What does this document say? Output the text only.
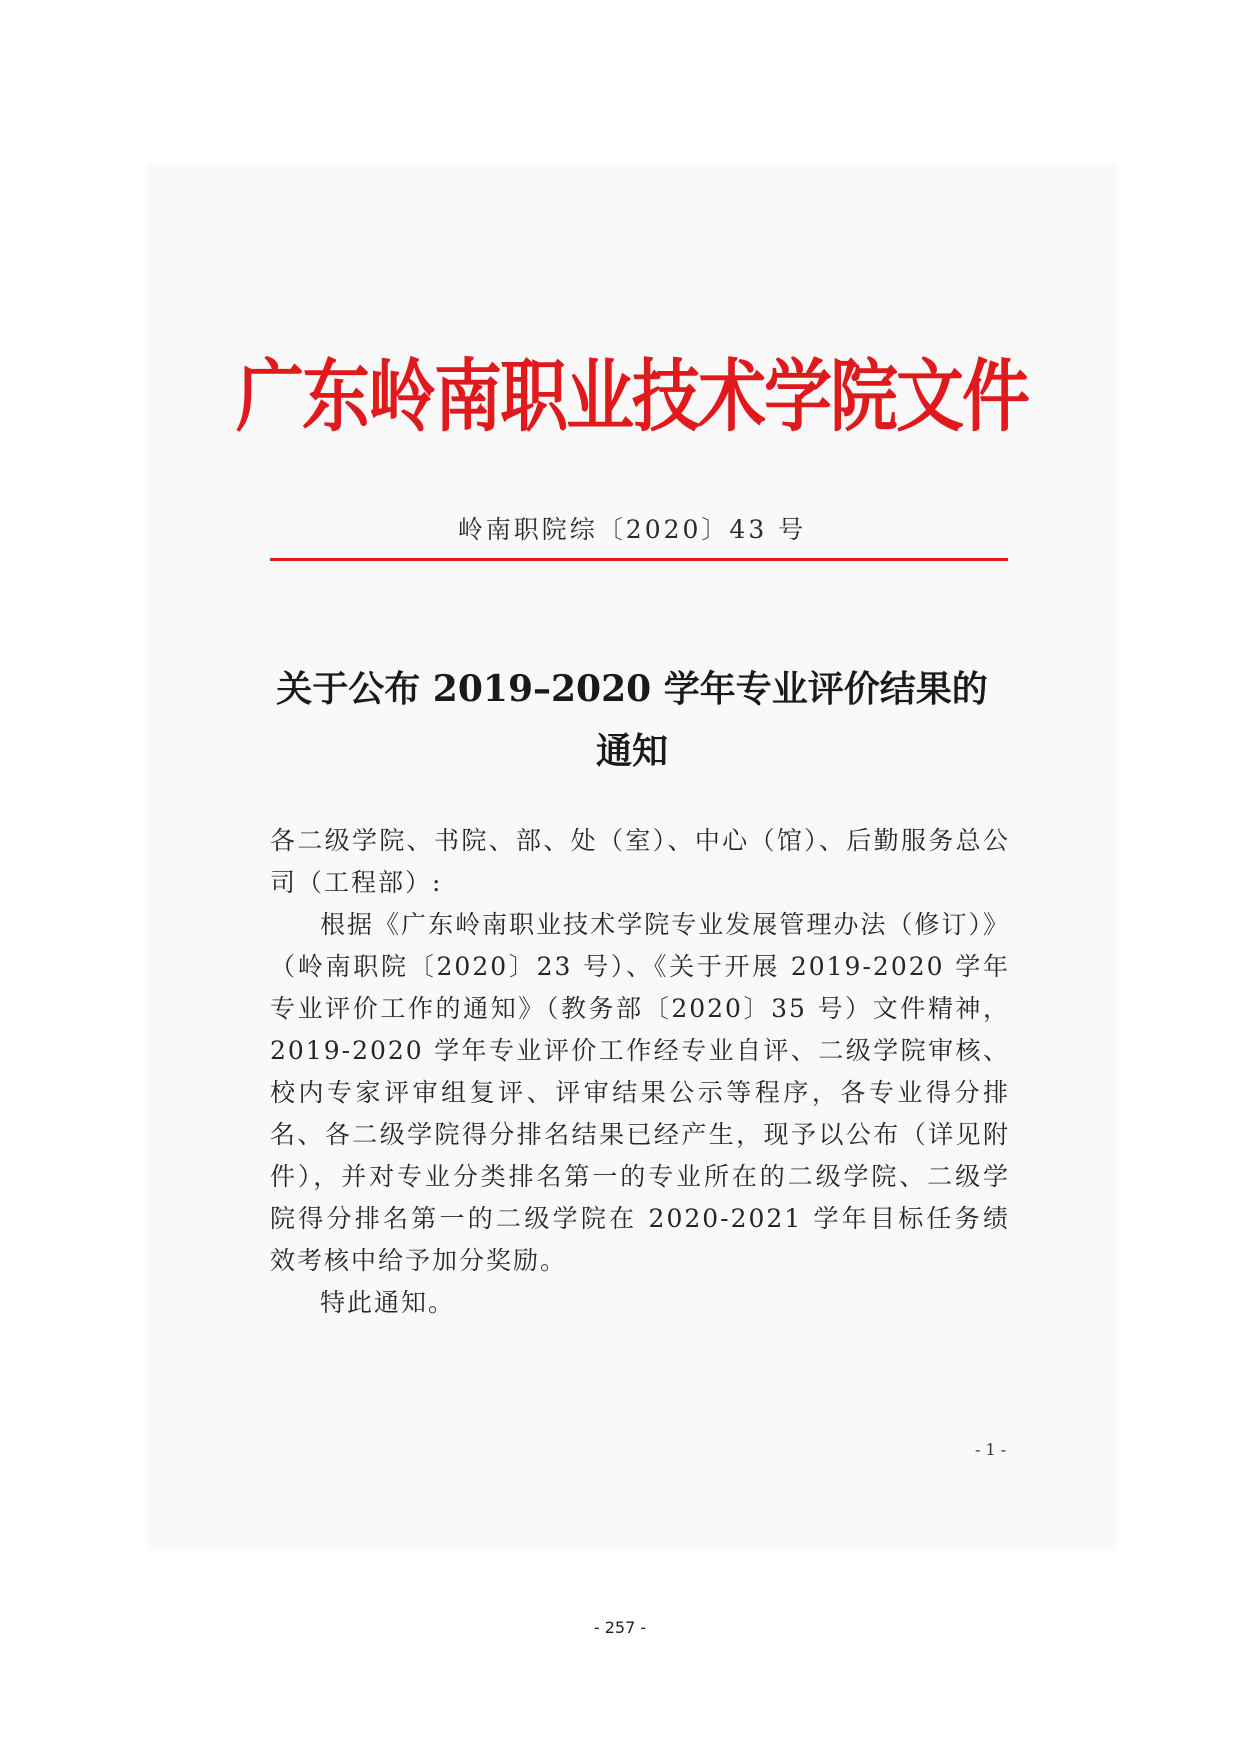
广东岭南职业技术学院文件
岭南职院综〔2020〕43 号
关于公布 2019–2020 学年专业评价结果的
通知

各二级学院、书院、部、处（室）、中心（馆）、后勤服务总公司（工程部）:

根据《广东岭南职业技术学院专业发展管理办法（修订）》（岭南职院〔2020〕23 号）、《关于开展 2019-2020 学年专业评价工作的通知》（教务部〔2020〕35 号）文件精神，2019-2020 学年专业评价工作经专业自评、二级学院审核、校内专家评审组复评、评审结果公示等程序，各专业得分排名、各二级学院得分排名结果已经产生，现予以公布（详见附件），并对专业分类排名第一的专业所在的二级学院、二级学院得分排名第一的二级学院在 2020-2021 学年目标任务绩效考核中给予加分奖励。

特此通知。

- 1 -
- 257 -
